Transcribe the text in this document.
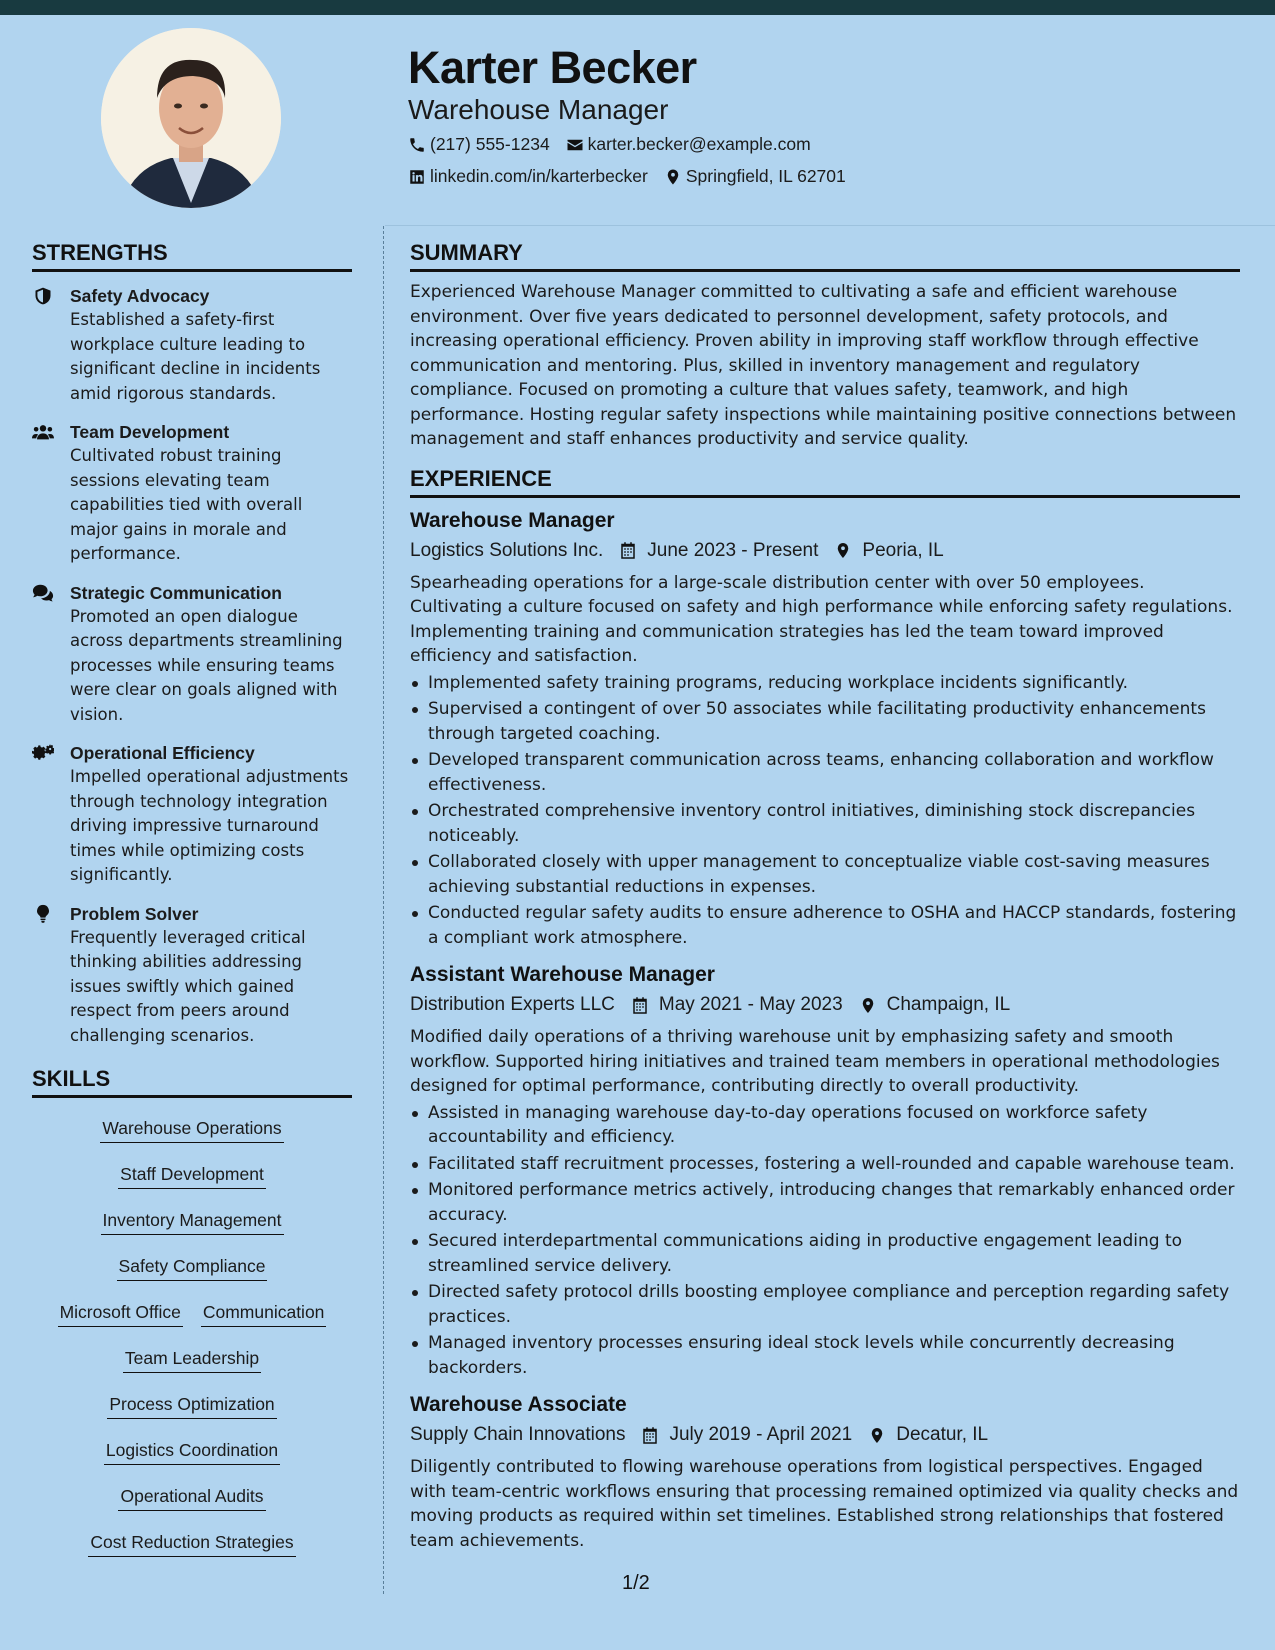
Karter Becker
Warehouse Manager
(217) 555-1234 karter.becker@example.com
linkedin.com/in/karterbecker Springfield, IL 62701
STRENGTHS
Safety Advocacy
Established a safety-first workplace culture leading to significant decline in incidents amid rigorous standards.
Team Development
Cultivated robust training sessions elevating team capabilities tied with overall major gains in morale and performance.
Strategic Communication
Promoted an open dialogue across departments streamlining processes while ensuring teams were clear on goals aligned with vision.
Operational Efficiency
Impelled operational adjustments through technology integration driving impressive turnaround times while optimizing costs significantly.
Problem Solver
Frequently leveraged critical thinking abilities addressing issues swiftly which gained respect from peers around challenging scenarios.
SKILLS
Warehouse Operations
Staff Development
Inventory Management
Safety Compliance
Microsoft Office Communication
Team Leadership
Process Optimization
Logistics Coordination
Operational Audits
Cost Reduction Strategies
SUMMARY

Experienced Warehouse Manager committed to cultivating a safe and efficient warehouse environment. Over five years dedicated to personnel development, safety protocols, and increasing operational efficiency. Proven ability in improving staff workflow through effective communication and mentoring. Plus, skilled in inventory management and regulatory compliance. Focused on promoting a culture that values safety, teamwork, and high performance. Hosting regular safety inspections while maintaining positive connections between management and staff enhances productivity and service quality.

EXPERIENCE
Warehouse Manager
Logistics Solutions Inc. June 2023 - Present Peoria, IL

Spearheading operations for a large-scale distribution center with over 50 employees. Cultivating a culture focused on safety and high performance while enforcing safety regulations. Implementing training and communication strategies has led the team toward improved efficiency and satisfaction.

Implemented safety training programs, reducing workplace incidents significantly.
Supervised a contingent of over 50 associates while facilitating productivity enhancements through targeted coaching.
Developed transparent communication across teams, enhancing collaboration and workflow effectiveness.
Orchestrated comprehensive inventory control initiatives, diminishing stock discrepancies noticeably.
Collaborated closely with upper management to conceptualize viable cost-saving measures achieving substantial reductions in expenses.
Conducted regular safety audits to ensure adherence to OSHA and HACCP standards, fostering a compliant work atmosphere.
Assistant Warehouse Manager
Distribution Experts LLC May 2021 - May 2023 Champaign, IL

Modified daily operations of a thriving warehouse unit by emphasizing safety and smooth workflow. Supported hiring initiatives and trained team members in operational methodologies designed for optimal performance, contributing directly to overall productivity.

Assisted in managing warehouse day-to-day operations focused on workforce safety accountability and efficiency.
Facilitated staff recruitment processes, fostering a well-rounded and capable warehouse team.
Monitored performance metrics actively, introducing changes that remarkably enhanced order accuracy.
Secured interdepartmental communications aiding in productive engagement leading to streamlined service delivery.
Directed safety protocol drills boosting employee compliance and perception regarding safety practices.
Managed inventory processes ensuring ideal stock levels while concurrently decreasing backorders.
Warehouse Associate
Supply Chain Innovations July 2019 - April 2021 Decatur, IL

Diligently contributed to flowing warehouse operations from logistical perspectives. Engaged with team-centric workflows ensuring that processing remained optimized via quality checks and moving products as required within set timelines. Established strong relationships that fostered team achievements.

1/2
